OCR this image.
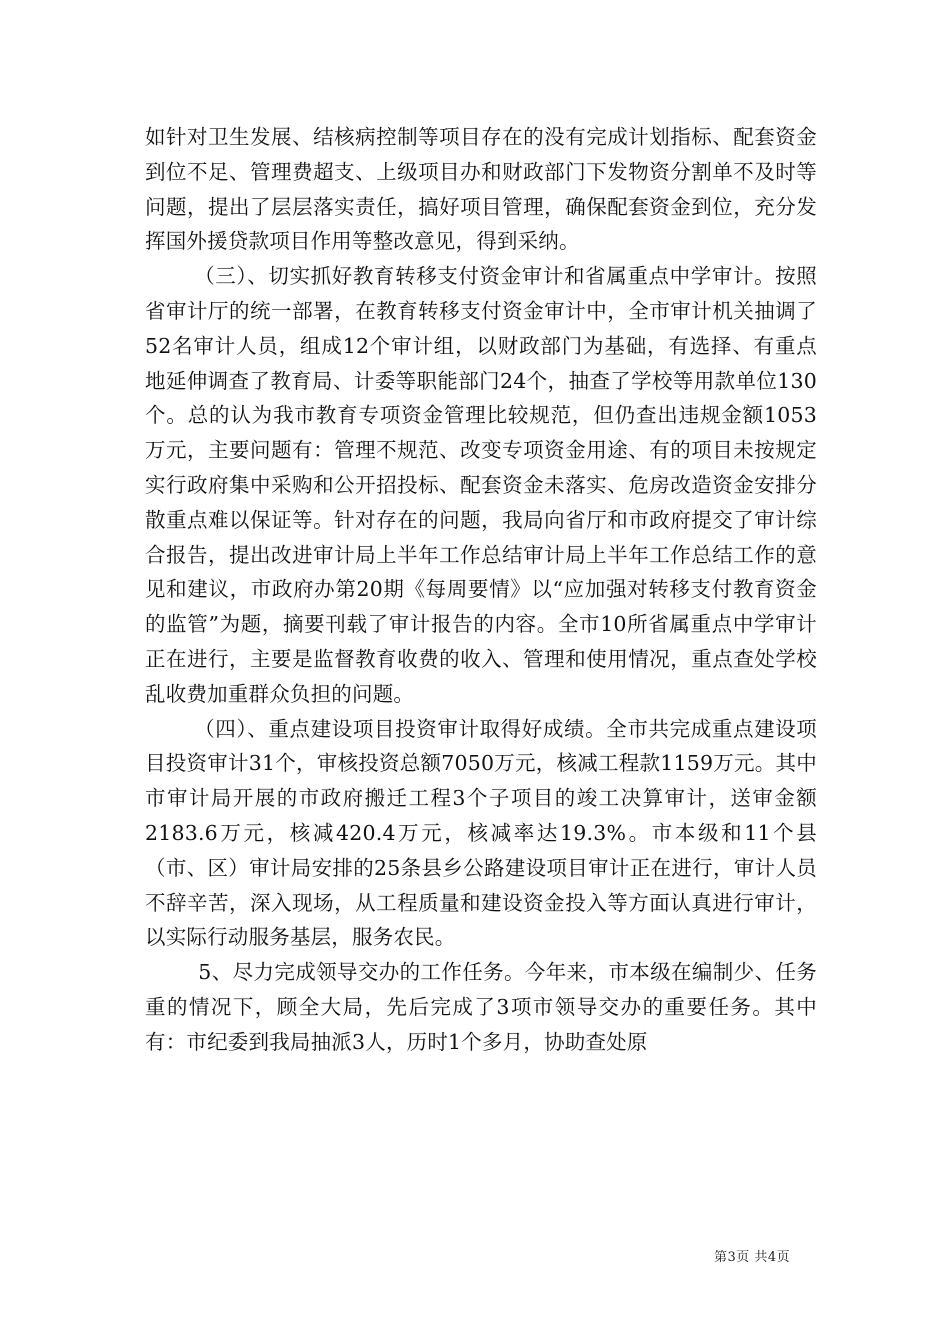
如针对卫生发展、结核病控制等项目存在的没有完成计划指标、配套资金到位不足、管理费超支、上级项目办和财政部门下发物资分割单不及时等问题，提出了层层落实责任，搞好项目管理，确保配套资金到位，充分发挥国外援贷款项目作用等整改意见，得到采纳。

（三）、切实抓好教育转移支付资金审计和省属重点中学审计。按照省审计厅的统一部署，在教育转移支付资金审计中，全市审计机关抽调了52名审计人员，组成12个审计组，以财政部门为基础，有选择、有重点地延伸调查了教育局、计委等职能部门24个，抽查了学校等用款单位130个。总的认为我市教育专项资金管理比较规范，但仍查出违规金额1053万元，主要问题有：管理不规范、改变专项资金用途、有的项目未按规定实行政府集中采购和公开招投标、配套资金未落实、危房改造资金安排分散重点难以保证等。针对存在的问题，我局向省厅和市政府提交了审计综合报告，提出改进审计局上半年工作总结审计局上半年工作总结工作的意见和建议，市政府办第20期《每周要情》以“应加强对转移支付教育资金的监管”为题，摘要刊载了审计报告的内容。全市10所省属重点中学审计正在进行，主要是监督教育收费的收入、管理和使用情况，重点查处学校乱收费加重群众负担的问题。

（四）、重点建设项目投资审计取得好成绩。全市共完成重点建设项目投资审计31个，审核投资总额7050万元，核减工程款1159万元。其中市审计局开展的市政府搬迁工程3个子项目的竣工决算审计，送审金额2183.6万元，核减420.4万元，核减率达19.3%。市本级和11个县（市、区）审计局安排的25条县乡公路建设项目审计正在进行，审计人员不辞辛苦，深入现场，从工程质量和建设资金投入等方面认真进行审计，以实际行动服务基层，服务农民。

5、尽力完成领导交办的工作任务。今年来，市本级在编制少、任务重的情况下，顾全大局，先后完成了3项市领导交办的重要任务。其中有：市纪委到我局抽派3人，历时1个多月，协助查处原

第3页 共4页
